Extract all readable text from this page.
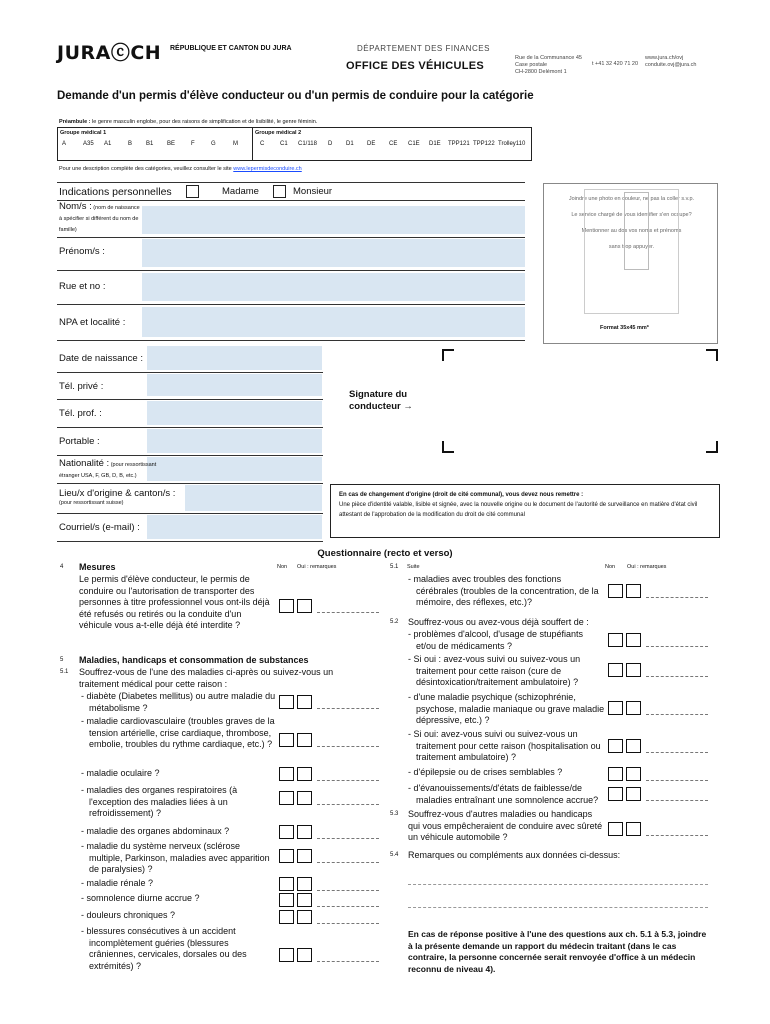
JURAⓒCH RÉPUBLIQUE ET CANTON DU JURA	DÉPARTEMENT DES FINANCES
OFFICE DES VÉHICULES
Rue de la Communance 45
Case postale
CH-2800 Delémont 1
t +41 32 420 71 20
www.jura.ch/ovj
conduite.ovj@jura.ch
Demande d'un permis d'élève conducteur ou d'un permis de conduire pour la catégorie
Préambule : le genre masculin englobe, pour des raisons de simplification et de lisibilité, le genre féminin.
Groupe médical 1	Groupe médical 2
A	A35 A1	B B1 BE	F	G	M	C	C1 C1/118 D D1 DE CE C1E D1E TPP121 TPP122 Trolley110
Pour une description complète des catégories, veuillez consulter le site www.lepermisdeconduire.ch
Indications personnelles	Madame	Monsieur
Nom/s : (nom de naissance à spécifier si différent du nom de famille)
Prénom/s :
Rue et no :
NPA et localité :
Joindre une photo en couleur, ne pas la coller s.v.p.
Le service chargé de vous identifier s'en occupe?
Mentionner au dos vos noms et prénoms
sans trop appuyer.
Format 35x45 mm*
Date de naissance :
Tél. privé :
Tél. prof. :
Portable :
Nationalité : (pour ressortissant étranger USA, F, GB, D, B, etc.)
Lieu/x d'origine & canton/s :
(pour ressortissant suisse)
Courriel/s (e-mail) :
Signature du
conducteur →
En cas de changement d'origine (droit de cité communal), vous devez nous remettre :
Une pièce d'identité valable, lisible et signée, avec la nouvelle origine ou le document de l'autorité de surveillance en matière d'état civil attestant de l'approbation de la modification du droit de cité communal
Questionnaire (recto et verso)
Non Oui : remarques	Non Oui : remarques
4 Mesures
Le permis d'élève conducteur, le permis de conduire ou l'autorisation de transporter des personnes à titre professionnel vous ont-ils déjà été refusés ou retirés ou la conduite d'un véhicule vous a-t-elle déjà été interdite ?
5 Maladies, handicaps et consommation de substances
5.1 Souffrez-vous de l'une des maladies ci-après ou suivez-vous un traitement médical pour cette raison :
- diabète (Diabetes mellitus) ou autre maladie du métabolisme ?
- maladie cardiovasculaire (troubles graves de la tension artérielle, crise cardiaque, thrombose, embolie, troubles du rythme cardiaque, etc.) ?
- maladie oculaire ?
- maladies des organes respiratoires (à l'exception des maladies liées à un refroidissement) ?
- maladie des organes abdominaux ?
- maladie du système nerveux (sclérose multiple, Parkinson, maladies avec apparition de paralysies) ?
- maladie rénale ?
- somnolence diurne accrue ?
- douleurs chroniques ?
- blessures consécutives à un accident incomplètement guéries (blessures crâniennes, cervicales, dorsales ou des extrémités) ?
5.1 Suite
- maladies avec troubles des fonctions cérébrales (troubles de la concentration, de la mémoire, des réflexes, etc.)?
5.2 Souffrez-vous ou avez-vous déjà souffert de :
- problèmes d'alcool, d'usage de stupéfiants et/ou de médicaments ?
- Si oui : avez-vous suivi ou suivez-vous un traitement pour cette raison (cure de désintoxication/traitement ambulatoire) ?
- d'une maladie psychique (schizophrénie, psychose, maladie maniaque ou grave maladie dépressive, etc.) ?
- Si oui: avez-vous suivi ou suivez-vous un traitement pour cette raison (hospitalisation ou traitement ambulatoire) ?
- d'épilepsie ou de crises semblables ?
- d'évanouissements/d'états de faiblesse/de maladies entraînant une somnolence accrue?
5.3 Souffrez-vous d'autres maladies ou handicaps qui vous empêcheraient de conduire avec sûreté un véhicule automobile ?
5.4 Remarques ou compléments aux données ci-dessus:
En cas de réponse positive à l'une des questions aux ch. 5.1 à 5.3, joindre à la présente demande un rapport du médecin traitant (dans le cas contraire, la personne concernée serait renvoyée d'office à un médecin reconnu de niveau 4).
